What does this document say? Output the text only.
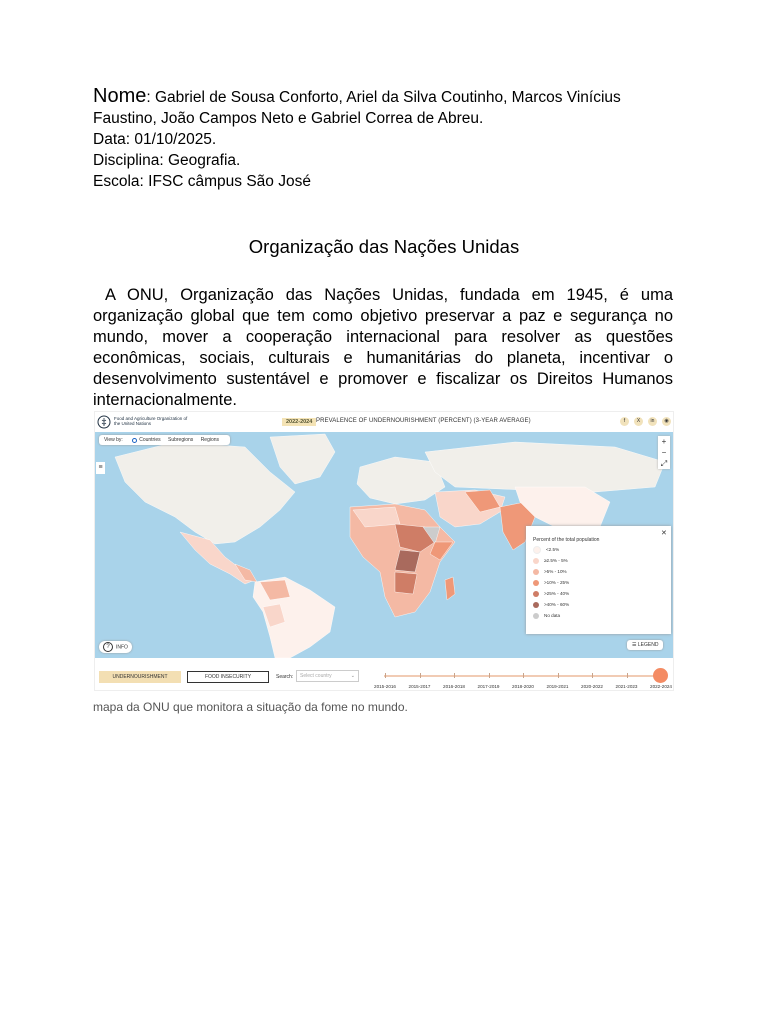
Nome: Gabriel de Sousa Conforto, Ariel da Silva Coutinho, Marcos Vinícius Faustino, João Campos Neto e Gabriel Correa de Abreu.
Data: 01/10/2025.
Disciplina: Geografia.
Escola: IFSC câmpus São José
Organização das Nações Unidas
A ONU, Organização das Nações Unidas, fundada em 1945, é uma organização global que tem como objetivo preservar a paz e segurança no mundo, mover a cooperação internacional para resolver as questões econômicas, sociais, culturais e humanitárias do planeta, incentivar o desenvolvimento sustentável e promover e fiscalizar os Direitos Humanos internacionalmente.
Food and Agriculture Organization of the United Nations	2022-2024 PREVALENCE OF UNDERNOURISHMENT (PERCENT) (3-YEAR AVERAGE)	f	X	in	◉
View by:	Countries Subregions Regions	+
−
⤢
≡
? INFO	☰ LEGEND
✕
Percent of the total population
<2.5%
≥2.5% - 5%
>5% - 10%
>10% - 25%
>25% - 40%
>40% - 60%
No data
UNDERNOURISHMENT	FOOD INSECURITY	Search:	Select country	⌄
2015-2016	2015-2017	2016-2018	2017-2019	2018-2020	2019-2021	2020-2022	2021-2023	2022-2024
mapa da ONU que monitora a situação da fome no mundo.
